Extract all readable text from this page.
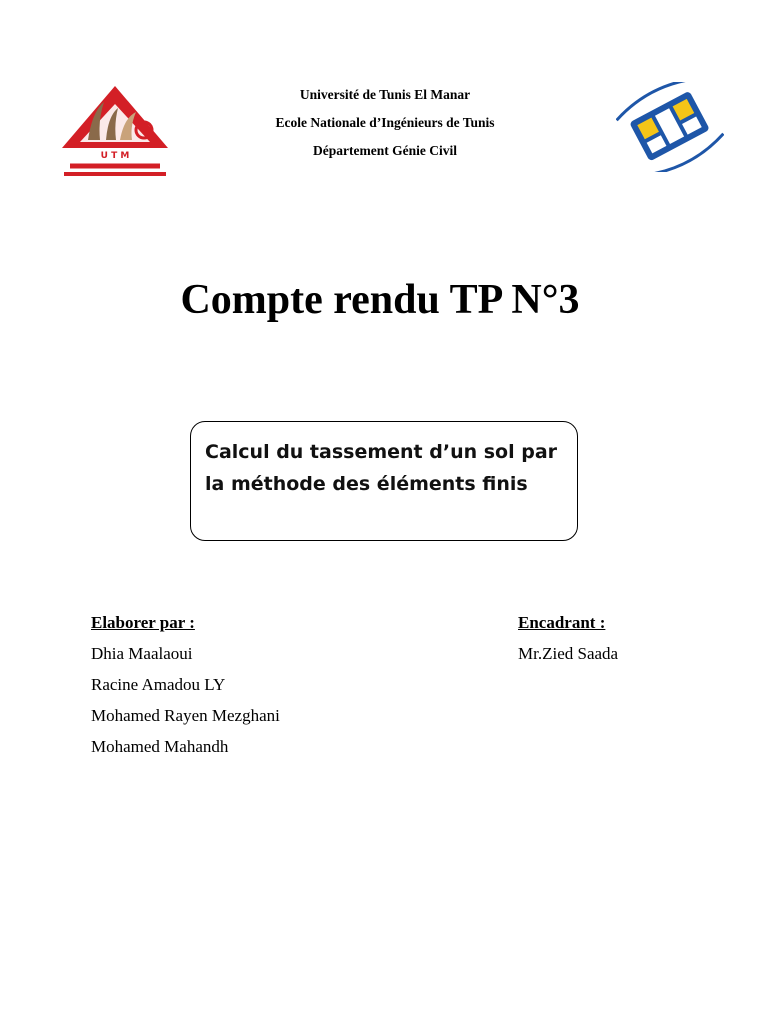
U T M
Université de Tunis El Manar
Ecole Nationale d’Ingénieurs de Tunis
Département Génie Civil
Compte rendu TP N°3
Calcul du tassement d’un sol par la méthode des éléments finis
Elaborer par :
Dhia Maalaoui
Racine Amadou LY
Mohamed Rayen Mezghani
Mohamed Mahandh
Encadrant :
Mr.Zied Saada
